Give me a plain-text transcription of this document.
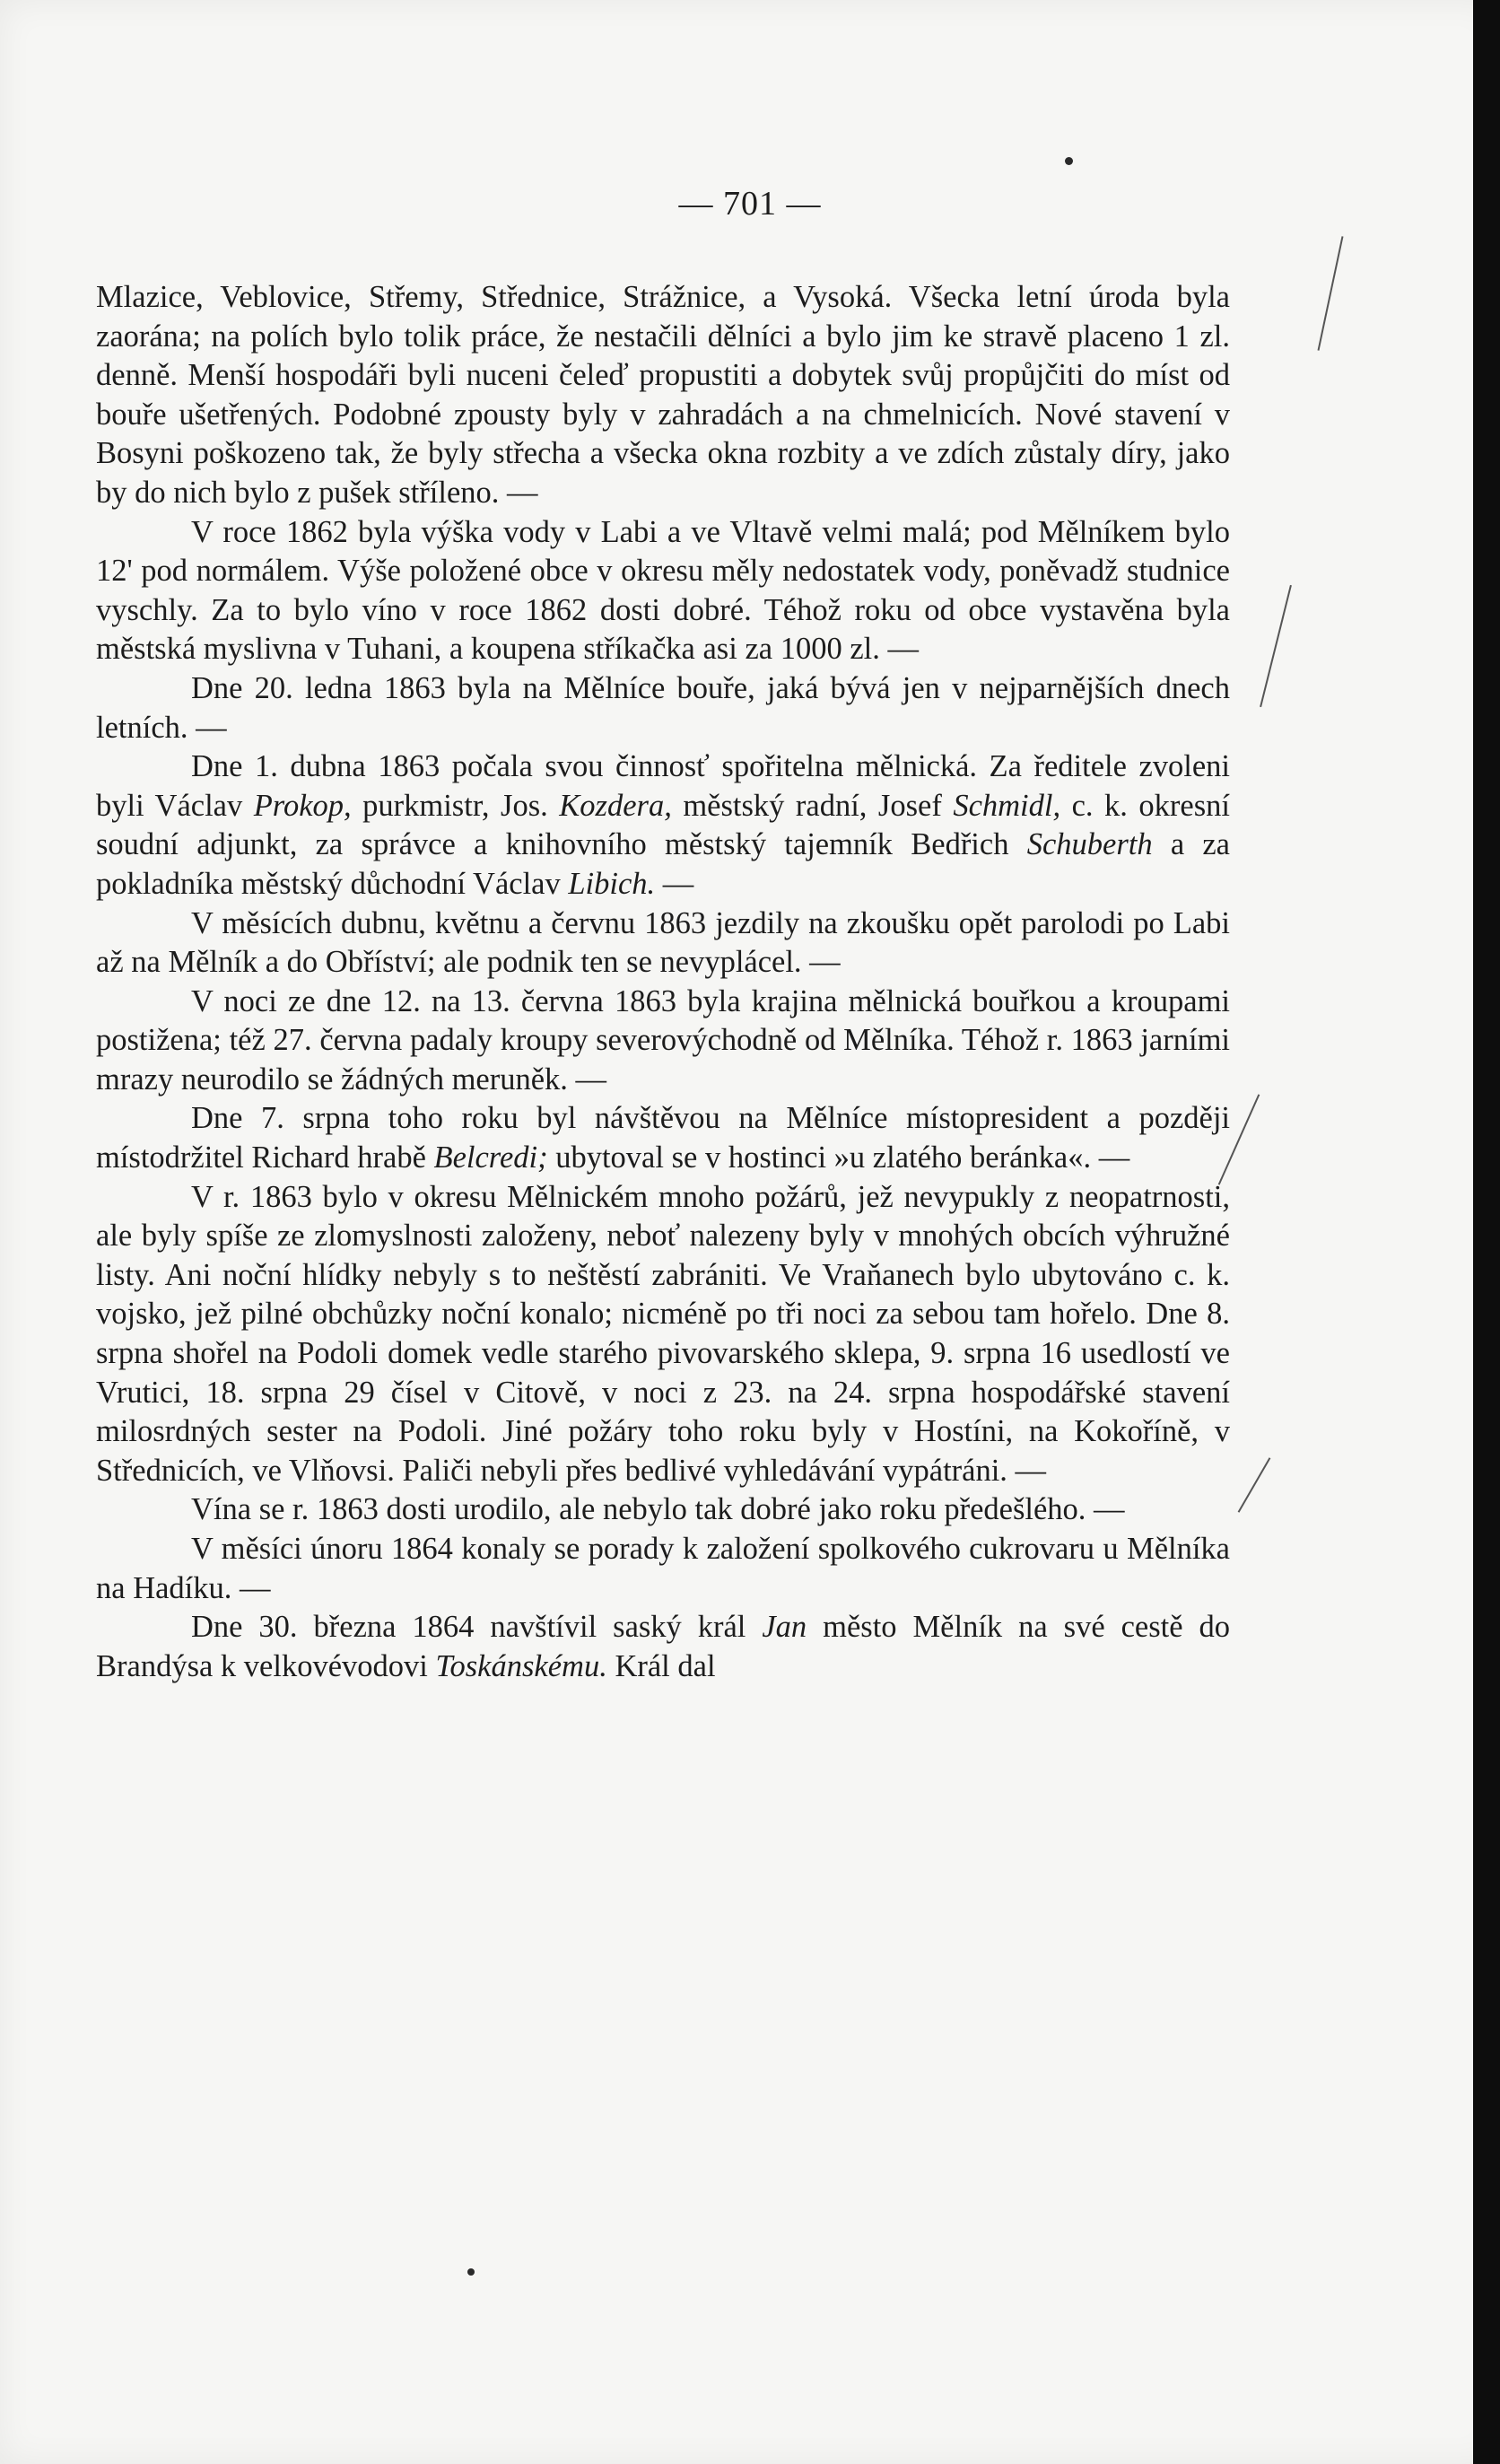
— 701 —

Mlazice, Veblovice, Střemy, Střednice, Strážnice, a Vysoká. Všecka letní úroda byla zaorána; na polích bylo tolik práce, že nestačili dělníci a bylo jim ke stravě placeno 1 zl. denně. Menší hospodáři byli nuceni čeleď propustiti a dobytek svůj propůjčiti do míst od bouře ušetřených. Podobné zpousty byly v zahradách a na chmelnicích. Nové stavení v Bosyni poškozeno tak, že byly střecha a všecka okna rozbity a ve zdích zůstaly díry, jako by do nich bylo z pušek stříleno. —

V roce 1862 byla výška vody v Labi a ve Vltavě velmi malá; pod Mělníkem bylo 12' pod normálem. Výše položené obce v okresu měly nedostatek vody, poněvadž studnice vyschly. Za to bylo víno v roce 1862 dosti dobré. Téhož roku od obce vystavěna byla městská myslivna v Tuhani, a koupena stříkačka asi za 1000 zl. —

Dne 20. ledna 1863 byla na Mělníce bouře, jaká bývá jen v nejparnějších dnech letních. —

Dne 1. dubna 1863 počala svou činnosť spořitelna mělnická. Za ředitele zvoleni byli Václav Prokop, purkmistr, Jos. Kozdera, městský radní, Josef Schmidl, c. k. okresní soudní adjunkt, za správce a knihovního městský tajemník Bedřich Schuberth a za pokladníka městský důchodní Václav Libich. —

V měsících dubnu, květnu a červnu 1863 jezdily na zkoušku opět parolodi po Labi až na Mělník a do Obříství; ale podnik ten se nevyplácel. —

V noci ze dne 12. na 13. června 1863 byla krajina mělnická bouřkou a kroupami postižena; též 27. června padaly kroupy severovýchodně od Mělníka. Téhož r. 1863 jarními mrazy neurodilo se žádných meruněk. —

Dne 7. srpna toho roku byl návštěvou na Mělníce místopresident a později místodržitel Richard hrabě Belcredi; ubytoval se v hostinci »u zlatého beránka«. —

V r. 1863 bylo v okresu Mělnickém mnoho požárů, jež nevypukly z neopatrnosti, ale byly spíše ze zlomyslnosti založeny, neboť nalezeny byly v mnohých obcích výhružné listy. Ani noční hlídky nebyly s to neštěstí zabrániti. Ve Vraňanech bylo ubytováno c. k. vojsko, jež pilné obchůzky noční konalo; nicméně po tři noci za sebou tam hořelo. Dne 8. srpna shořel na Podoli domek vedle starého pivovarského sklepa, 9. srpna 16 usedlostí ve Vrutici, 18. srpna 29 čísel v Citově, v noci z 23. na 24. srpna hospodářské stavení milosrdných sester na Podoli. Jiné požáry toho roku byly v Hostíni, na Kokoříně, v Střednicích, ve Vlňovsi. Paliči nebyli přes bedlivé vyhledávání vypátráni. —

Vína se r. 1863 dosti urodilo, ale nebylo tak dobré jako roku předešlého. —

V měsíci únoru 1864 konaly se porady k založení spolkového cukrovaru u Mělníka na Hadíku. —

Dne 30. března 1864 navštívil saský král Jan město Mělník na své cestě do Brandýsa k velkovévodovi Toskánskému. Král dal
